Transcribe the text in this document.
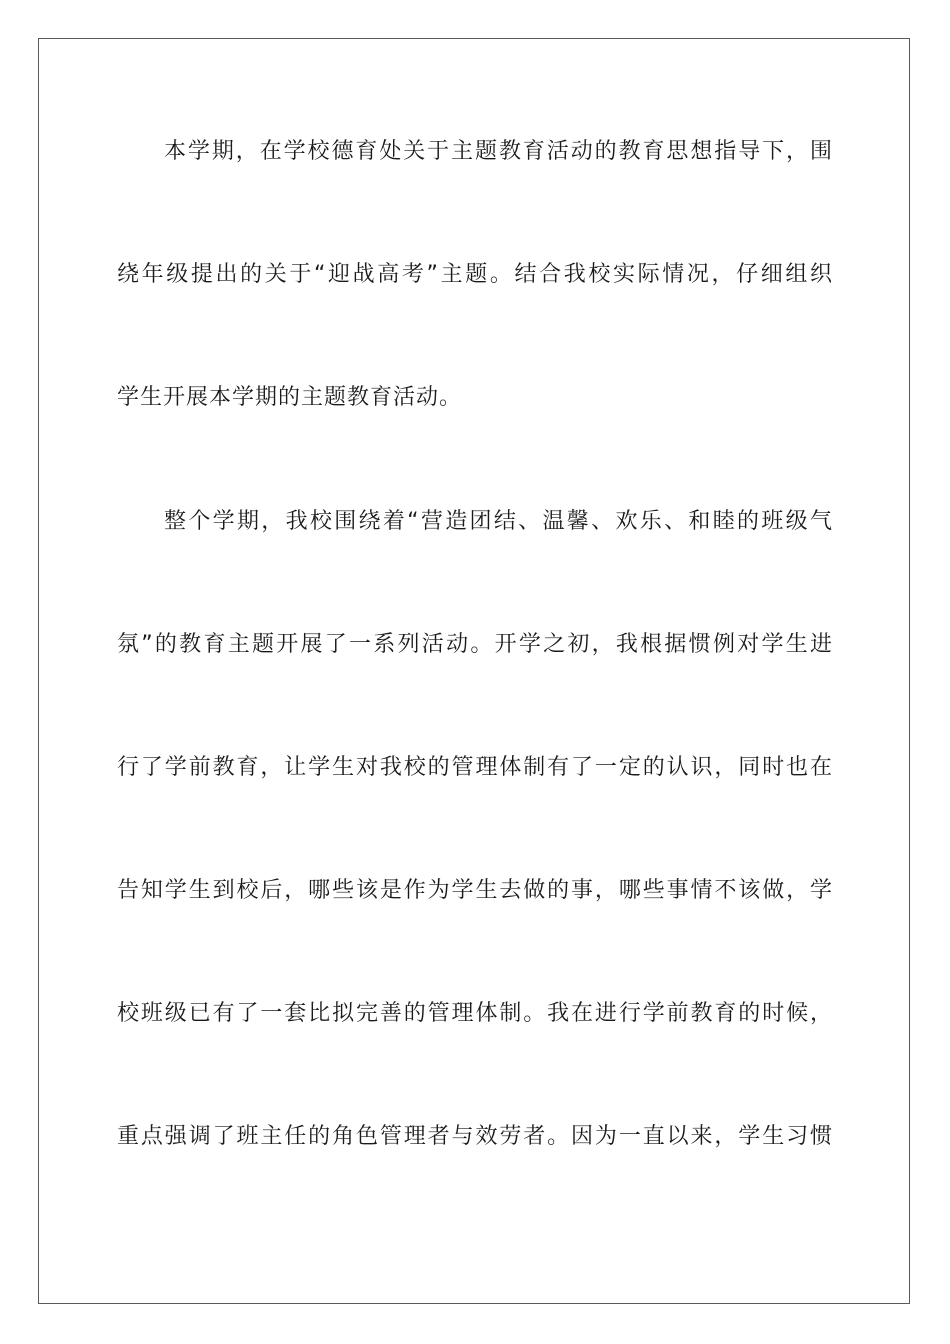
本学期，在学校德育处关于主题教育活动的教育思想指导下，围
绕年级提出的关于“迎战高考”主题。结合我校实际情况，仔细组织
学生开展本学期的主题教育活动。
整个学期，我校围绕着“营造团结、温馨、欢乐、和睦的班级气
氛”的教育主题开展了一系列活动。开学之初，我根据惯例对学生进
行了学前教育，让学生对我校的管理体制有了一定的认识，同时也在
告知学生到校后，哪些该是作为学生去做的事，哪些事情不该做，学
校班级已有了一套比拟完善的管理体制。我在进行学前教育的时候，
重点强调了班主任的角色管理者与效劳者。因为一直以来，学生习惯
